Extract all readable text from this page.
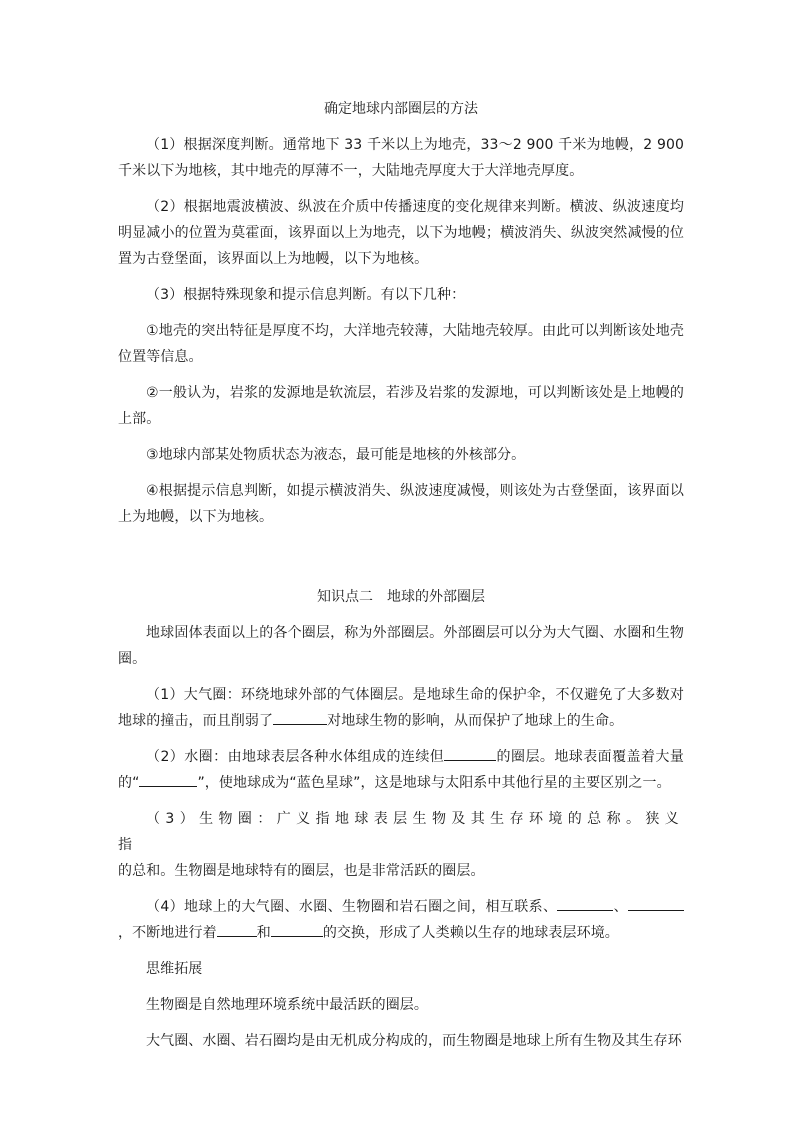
确定地球内部圈层的方法

（1）根据深度判断。通常地下 33 千米以上为地壳，33～2 900 千米为地幔，2 900 千米以下为地核，其中地壳的厚薄不一，大陆地壳厚度大于大洋地壳厚度。

（2）根据地震波横波、纵波在介质中传播速度的变化规律来判断。横波、纵波速度均明显减小的位置为莫霍面，该界面以上为地壳，以下为地幔；横波消失、纵波突然减慢的位置为古登堡面，该界面以上为地幔，以下为地核。

（3）根据特殊现象和提示信息判断。有以下几种：

①地壳的突出特征是厚度不均，大洋地壳较薄，大陆地壳较厚。由此可以判断该处地壳位置等信息。

②一般认为，岩浆的发源地是软流层，若涉及岩浆的发源地，可以判断该处是上地幔的上部。

③地球内部某处物质状态为液态，最可能是地核的外核部分。

④根据提示信息判断，如提示横波消失、纵波速度减慢，则该处为古登堡面，该界面以上为地幔，以下为地核。

知识点二　地球的外部圈层

地球固体表面以上的各个圈层，称为外部圈层。外部圈层可以分为大气圈、水圈和生物圈。

（1）大气圈：环绕地球外部的气体圈层。是地球生命的保护伞，不仅避免了大多数对地球的撞击，而且削弱了	对地球生物的影响，从而保护了地球上的生命。

（2）水圈：由地球表层各种水体组成的连续但	的圈层。地球表面覆盖着大量的“	”，使地球成为“蓝色星球”，这是地球与太阳系中其他行星的主要区别之一。

（3）生物圈：广义指地球表层生物及其生存环境的总称。狭义指
的总和。生物圈是地球特有的圈层，也是非常活跃的圈层。

（4）地球上的大气圈、水圈、生物圈和岩石圈之间，相互联系、	、，不断地进行着	和	的交换，形成了人类赖以生存的地球表层环境。

思维拓展

生物圈是自然地理环境系统中最活跃的圈层。

大气圈、水圈、岩石圈均是由无机成分构成的，而生物圈是地球上所有生物及其生存环
